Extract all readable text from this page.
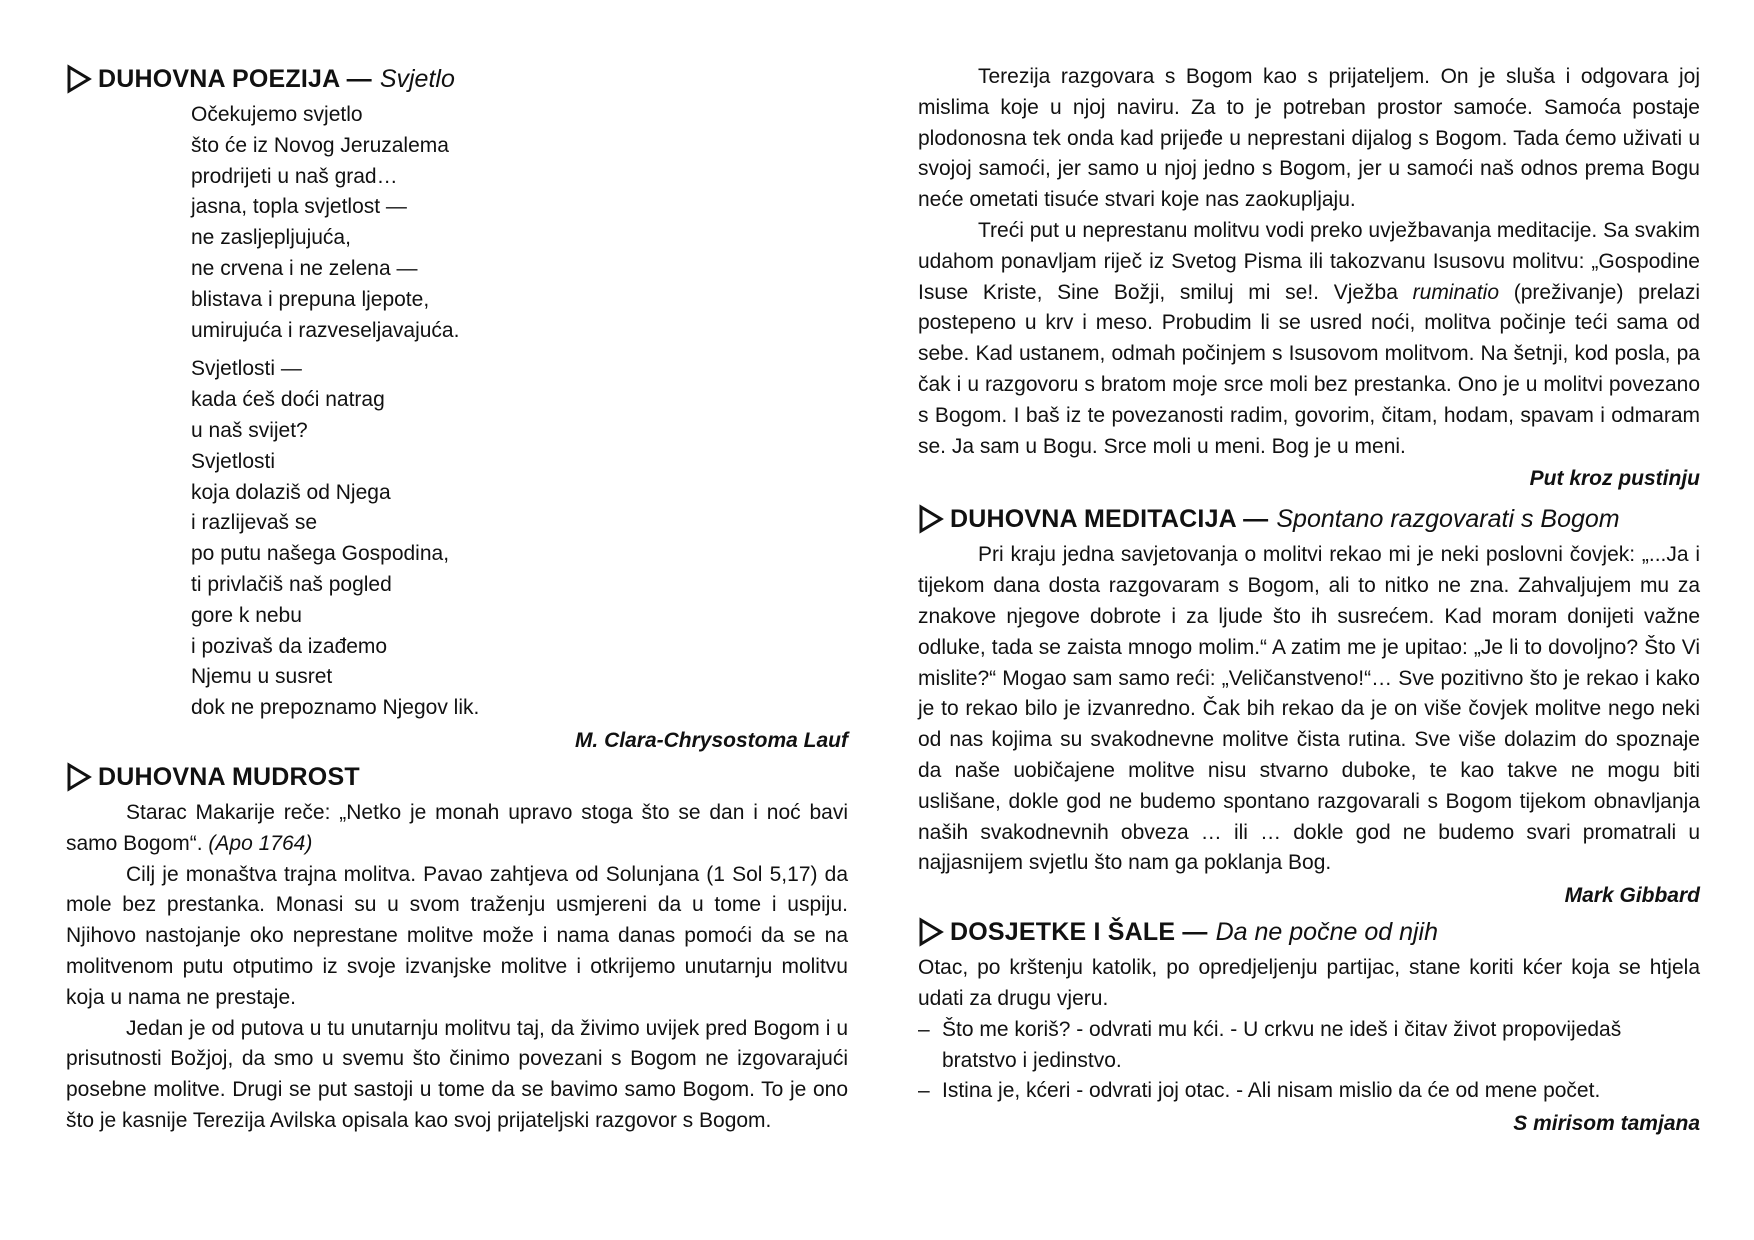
DUHOVNA POEZIJA — Svjetlo
Očekujemo svjetlo
što će iz Novog Jeruzalema
prodrijeti u naš grad…
jasna, topla svjetlost —
ne zasljepljujuća,
ne crvena i ne zelena —
blistava i prepuna ljepote,
umirujuća i razveseljavajuća.
Svjetlosti —
kada ćeš doći natrag
u naš svijet?
Svjetlosti
koja dolaziš od Njega
i razlijevaš se
po putu našega Gospodina,
ti privlačiš naš pogled
gore k nebu
i pozivaš da izađemo
Njemu u susret
dok ne prepoznamo Njegov lik.
M. Clara-Chrysostoma Lauf
DUHOVNA MUDROST

Starac Makarije reče: „Netko je monah upravo stoga što se dan i noć bavi samo Bogom“. (Apo 1764)

Cilj je monaštva trajna molitva. Pavao zahtjeva od Solunjana (1 Sol 5,17) da mole bez prestanka. Monasi su u svom traženju usmjereni da u tome i uspiju. Njihovo nastojanje oko neprestane molitve može i nama danas pomoći da se na molitvenom putu otputimo iz svoje izvanjske molitve i otkrijemo unutarnju molitvu koja u nama ne prestaje.

Jedan je od putova u tu unutarnju molitvu taj, da živimo uvijek pred Bogom i u prisutnosti Božjoj, da smo u svemu što činimo povezani s Bogom ne izgovarajući posebne molitve. Drugi se put sastoji u tome da se bavimo samo Bogom. To je ono što je kasnije Terezija Avilska opisala kao svoj prijateljski razgovor s Bogom.

Terezija razgovara s Bogom kao s prijateljem. On je sluša i odgovara joj mislima koje u njoj naviru. Za to je potreban prostor samoće. Samoća postaje plodonosna tek onda kad prijeđe u neprestani dijalog s Bogom. Tada ćemo uživati u svojoj samoći, jer samo u njoj jedno s Bogom, jer u samoći naš odnos prema Bogu neće ometati tisuće stvari koje nas zaokupljaju.

Treći put u neprestanu molitvu vodi preko uvježbavanja meditacije. Sa svakim udahom ponavljam riječ iz Svetog Pisma ili takozvanu Isusovu molitvu: „Gospodine Isuse Kriste, Sine Božji, smiluj mi se!. Vježba ruminatio (preživanje) prelazi postepeno u krv i meso. Probudim li se usred noći, molitva počinje teći sama od sebe. Kad ustanem, odmah počinjem s Isusovom molitvom. Na šetnji, kod posla, pa čak i u razgovoru s bratom moje srce moli bez prestanka. Ono je u molitvi povezano s Bogom. I baš iz te povezanosti radim, govorim, čitam, hodam, spavam i odmaram se. Ja sam u Bogu. Srce moli u meni. Bog je u meni.

Put kroz pustinju
DUHOVNA MEDITACIJA — Spontano razgovarati s Bogom

Pri kraju jedna savjetovanja o molitvi rekao mi je neki poslovni čovjek: „...Ja i tijekom dana dosta razgovaram s Bogom, ali to nitko ne zna. Zahvaljujem mu za znakove njegove dobrote i za ljude što ih susrećem. Kad moram donijeti važne odluke, tada se zaista mnogo molim.“ A zatim me je upitao: „Je li to dovoljno? Što Vi mislite?“ Mogao sam samo reći: „Veličanstveno!“… Sve pozitivno što je rekao i kako je to rekao bilo je izvanredno. Čak bih rekao da je on više čovjek molitve nego neki od nas kojima su svakodnevne molitve čista rutina. Sve više dolazim do spoznaje da naše uobičajene molitve nisu stvarno duboke, te kao takve ne mogu biti uslišane, dokle god ne budemo spontano razgovarali s Bogom tijekom obnavljanja naših svakodnevnih obveza … ili … dokle god ne budemo svari promatrali u najjasnijem svjetlu što nam ga poklanja Bog.

Mark Gibbard
DOSJETKE I ŠALE — Da ne počne od njih

Otac, po krštenju katolik, po opredjeljenju partijac, stane koriti kćer koja se htjela udati za drugu vjeru.

– Što me koriš? - odvrati mu kći. - U crkvu ne ideš i čitav život propovijedaš bratstvo i jedinstvo.
– Istina je, kćeri - odvrati joj otac. - Ali nisam mislio da će od mene počet.
S mirisom tamjana
